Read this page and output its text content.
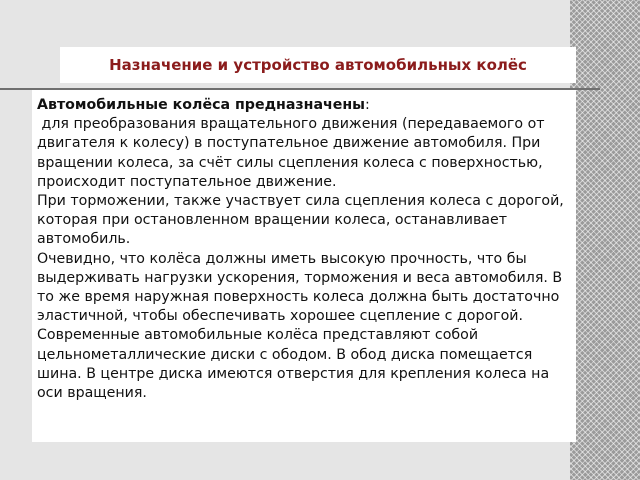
Назначение и устройство автомобильных колёс

Автомобильные колёса предназначены:

для преобразования вращательного движения (передаваемого от двигателя к колесу) в поступательное движение автомобиля. При вращении колеса, за счёт силы сцепления колеса с поверхностью, происходит поступательное движение.

При торможении, также участвует сила сцепления колеса с дорогой, которая при остановленном вращении колеса, останавливает автомобиль.

Очевидно, что колёса должны иметь высокую прочность, что бы выдерживать нагрузки ускорения, торможения и веса автомобиля. В то же время наружная поверхность колеса должна быть достаточно эластичной, чтобы обеспечивать хорошее сцепление с дорогой.

Современные автомобильные колёса представляют собой цельнометаллические диски с ободом. В обод диска помещается шина. В центре диска имеются отверстия для крепления колеса на оси вращения.
